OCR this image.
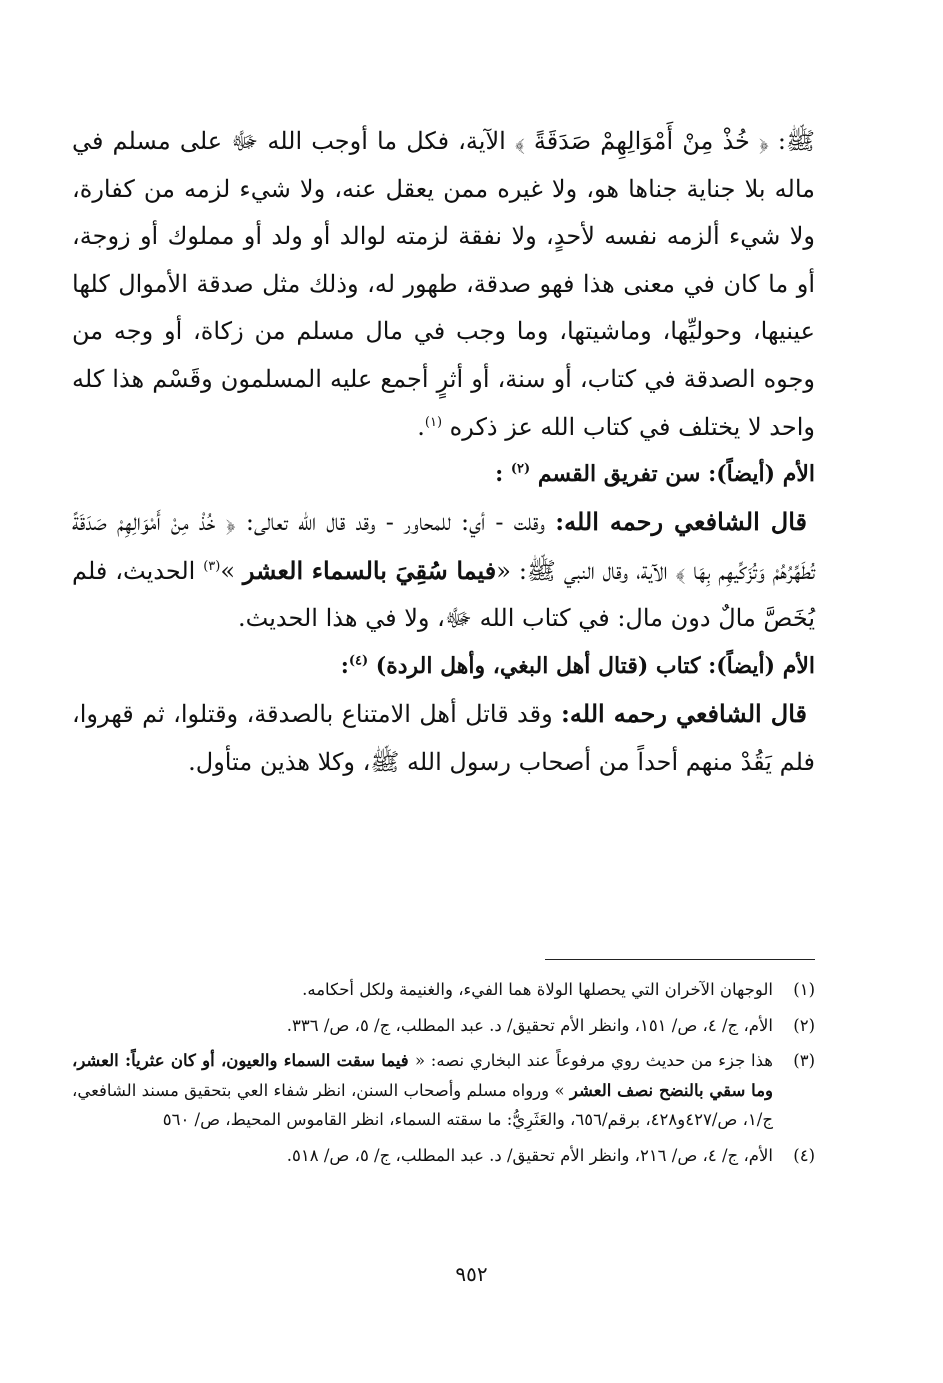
ﷺ: ﴿ خُذْ مِنْ أَمْوَالِهِمْ صَدَقَةً ﴾ الآية، فكل ما أوجب الله ﷻ على مسلم في ماله بلا جناية جناها هو، ولا غيره ممن يعقل عنه، ولا شيء لزمه من كفارة، ولا شيء ألزمه نفسه لأحدٍ، ولا نفقة لزمته لوالد أو ولد أو مملوك أو زوجة، أو ما كان في معنى هذا فهو صدقة، طهور له، وذلك مثل صدقة الأموال كلها عينيها، وحوليِّها، وماشيتها، وما وجب في مال مسلم من زكاة، أو وجه من وجوه الصدقة في كتاب، أو سنة، أو أثرٍ أجمع عليه المسلمون وقَسْم هذا كله واحد لا يختلف في كتاب الله عز ذكره $^{(١)}$.

الأم (أيضاً): سن تفريق القسم $^{(٢)}$ :

قال الشافعي رحمه الله: وقلت - أي: للمحاور - وقد قال الله تعالى: ﴿ خُذْ مِنْ أَمْوَالِهِمْ صَدَقَةً تُطَهِّرُهُمْ وَتُزَكِّيهِم بِهَا ﴾ الآية، وقال النبي ﷺ: «فيما سُقِيَ بالسماء العشر »$^{(٣)}$ الحديث، فلم يُخَصَّ مالٌ دون مال: في كتاب الله ﷻ، ولا في هذا الحديث.

الأم (أيضاً): كتاب (قتال أهل البغي، وأهل الردة) $^{(٤)}$:

قال الشافعي رحمه الله: وقد قاتل أهل الامتناع بالصدقة، وقتلوا، ثم قهروا، فلم يَقُدْ منهم أحداً من أصحاب رسول الله ﷺ، وكلا هذين متأول.

(١)
الوجهان الآخران التي يحصلها الولاة هما الفيء، والغنيمة ولكل أحكامه.
(٢)
الأم، ج/ ٤، ص/ ١٥١، وانظر الأم تحقيق/ د. عبد المطلب، ج/ ٥، ص/ ٣٣٦.
(٣)
هذا جزء من حديث روي مرفوعاً عند البخاري نصه: « فيما سقت السماء والعيون، أو كان عثرياً: العشر، وما سقي بالنضح نصف العشر » ورواه مسلم وأصحاب السنن، انظر شفاء العي بتحقيق مسند الشافعي، ج/١، ص/٤٢٧و٤٢٨، برقم/٦٥٦، والعَثَرِيُّ: ما سقته السماء، انظر القاموس المحيط، ص/ ٥٦٠
(٤)
الأم، ج/ ٤، ص/ ٢١٦، وانظر الأم تحقيق/ د. عبد المطلب، ج/ ٥، ص/ ٥١٨.
٩٥٢
